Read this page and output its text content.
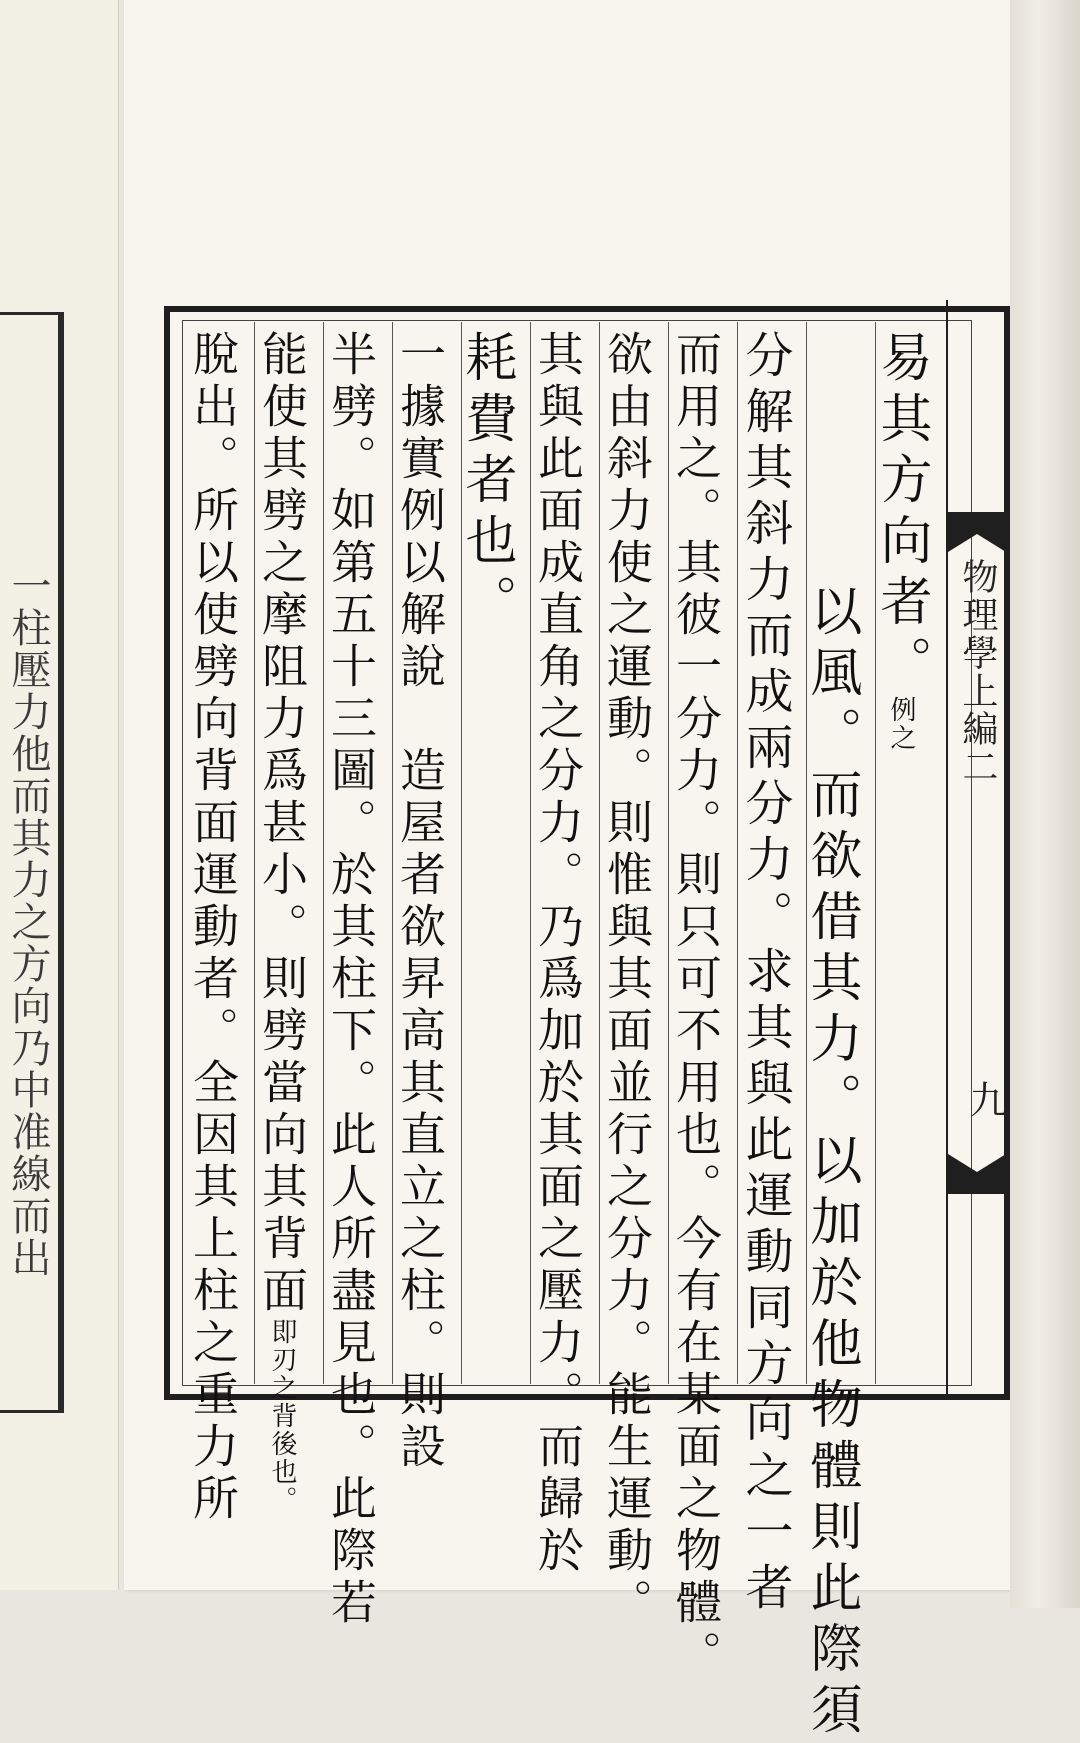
一柱壓力他而其力之方向乃中准線而出	物理學上編二
九
易其方向者。例之
以風。而欲借其力。以加於他物體則此際須
分解其斜力而成兩分力。求其與此運動同方向之一者
而用之。其彼一分力。則只可不用也。今有在某面之物體。
欲由斜力使之運動。則惟與其面並行之分力。能生運動。
其與此面成直角之分力。乃爲加於其面之壓力。而歸於
耗費者也。
一據實例以解說　造屋者欲昇高其直立之柱。則設
半劈。如第五十三圖。於其柱下。此人所盡見也。此際若
能使其劈之摩阻力爲甚小。則劈當向其背面即刃之背後也。
脫出。所以使劈向背面運動者。全因其上柱之重力所
